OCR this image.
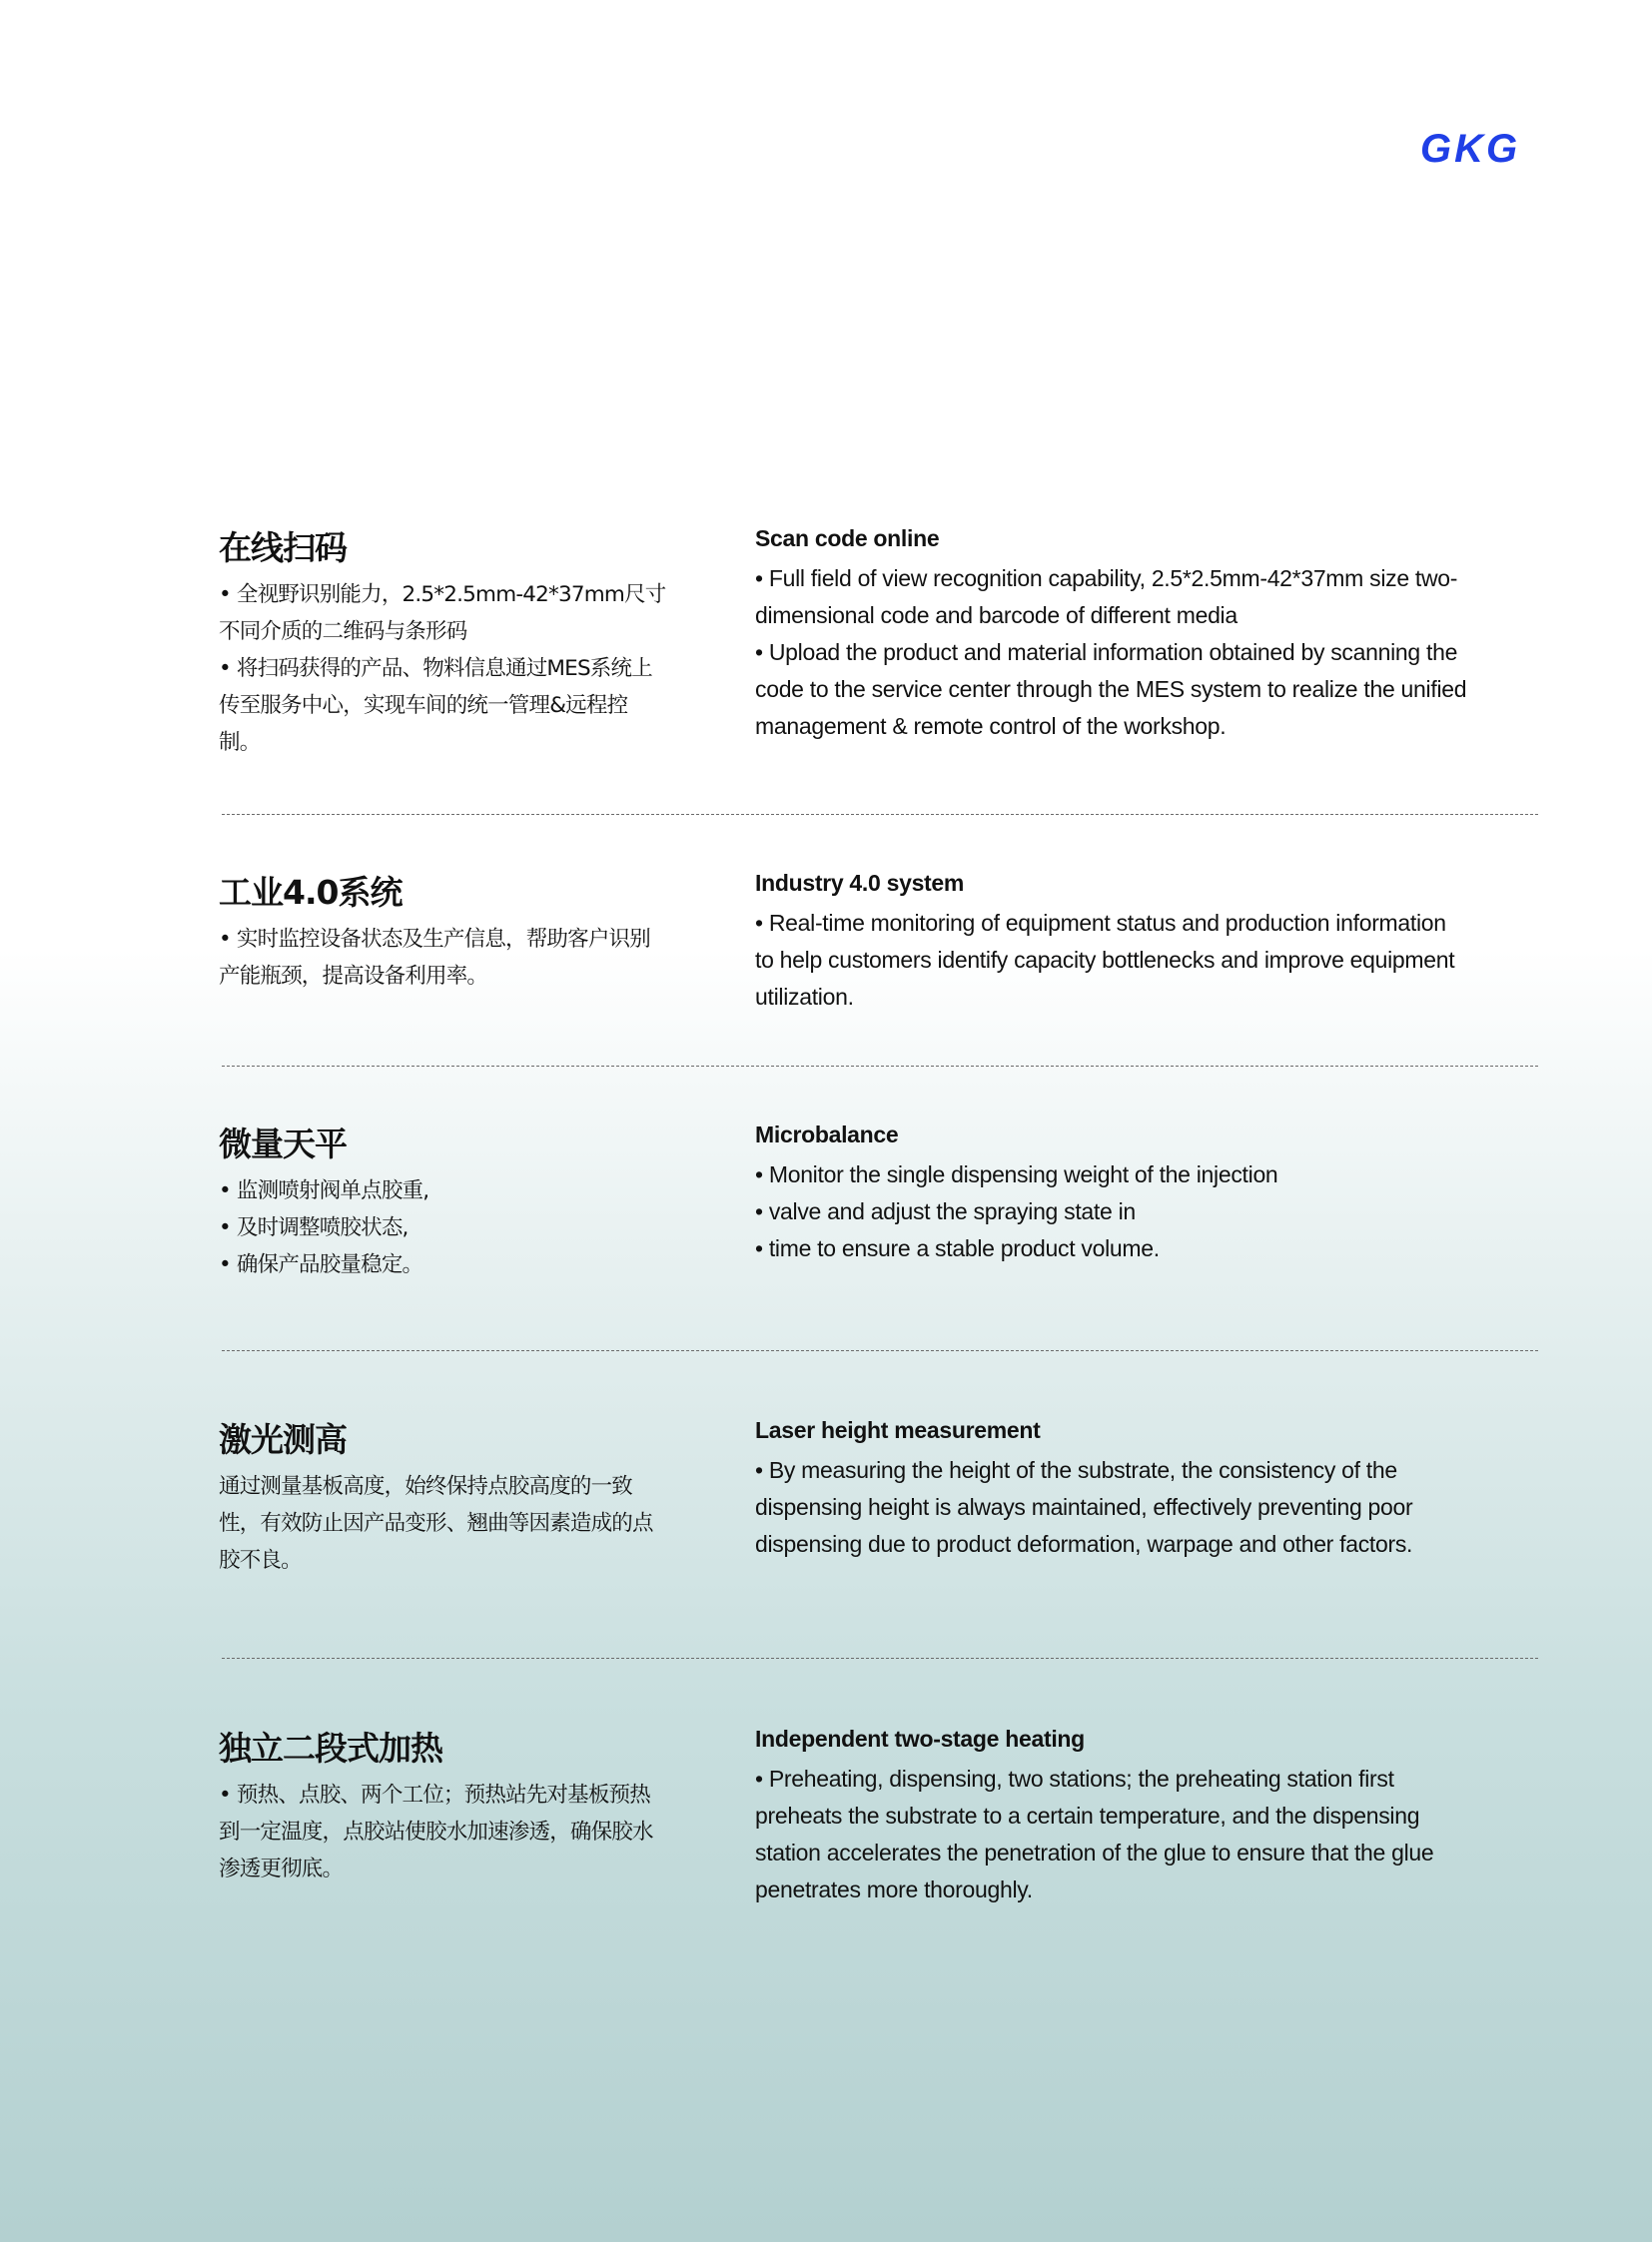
GKG
在线扫码
• 全视野识别能力，2.5*2.5mm-42*37mm尺寸
不同介质的二维码与条形码
• 将扫码获得的产品、物料信息通过MES系统上
传至服务中心，实现车间的统一管理&远程控
制。
Scan code online
• Full field of view recognition capability, 2.5*2.5mm-42*37mm size two-
dimensional code and barcode of different media
• Upload the product and material information obtained by scanning the
code to the service center through the MES system to realize the unified
management & remote control of the workshop.
工业4.0系统
• 实时监控设备状态及生产信息，帮助客户识别
产能瓶颈，提高设备利用率。
Industry 4.0 system
• Real-time monitoring of equipment status and production information
to help customers identify capacity bottlenecks and improve equipment
utilization.
微量天平
• 监测喷射阀单点胶重,
• 及时调整喷胶状态,
• 确保产品胶量稳定。
Microbalance
• Monitor the single dispensing weight of the injection
• valve and adjust the spraying state in
• time to ensure a stable product volume.
激光测高
通过测量基板高度，始终保持点胶高度的一致
性，有效防止因产品变形、翘曲等因素造成的点
胶不良。
Laser height measurement
• By measuring the height of the substrate, the consistency of the
dispensing height is always maintained, effectively preventing poor
dispensing due to product deformation, warpage and other factors.
独立二段式加热
• 预热、点胶、两个工位；预热站先对基板预热
到一定温度，点胶站使胶水加速渗透，确保胶水
渗透更彻底。
Independent two-stage heating
• Preheating, dispensing, two stations; the preheating station first
preheats the substrate to a certain temperature, and the dispensing
station accelerates the penetration of the glue to ensure that the glue
penetrates more thoroughly.
